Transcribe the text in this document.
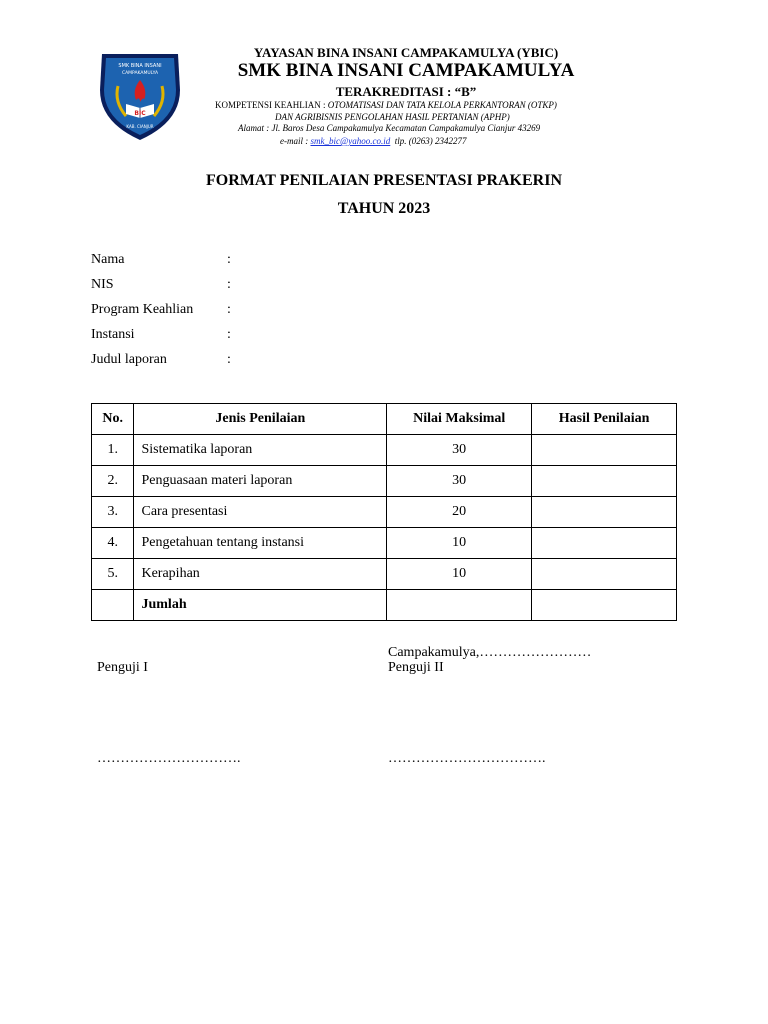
SMK BINA INSANI
CAMPAKAMULYA
BIC
KAB. CIANJUR
YAYASAN BINA INSANI CAMPAKAMULYA (YBIC)
SMK BINA INSANI CAMPAKAMULYA
TERAKREDITASI : “B”
KOMPETENSI KEAHLIAN : OTOMATISASI DAN TATA KELOLA PERKANTORAN (OTKP)
DAN AGRIBISNIS PENGOLAHAN HASIL PERTANIAN (APHP)
Alamat : Jl. Baros Desa Campakamulya Kecamatan Campakamulya Cianjur 43269
e-mail : smk_bic@yahoo.co.id tlp. (0263) 2342277
FORMAT PENILAIAN PRESENTASI PRAKERIN
TAHUN 2023
Nama	:
NIS	:
Program Keahlian :
Instansi	:
Judul laporan	:
No.	Jenis Penilaian	Nilai Maksimal	Hasil Penilaian
1.	Sistematika laporan	30	
2.	Penguasaan materi laporan	30	
3.	Cara presentasi	20	
4.	Pengetahuan tentang instansi	10	
5.	Kerapihan	10	
	Jumlah		
Campakamulya,……………………
Penguji I	Penguji II
………………………….	…………………………….
